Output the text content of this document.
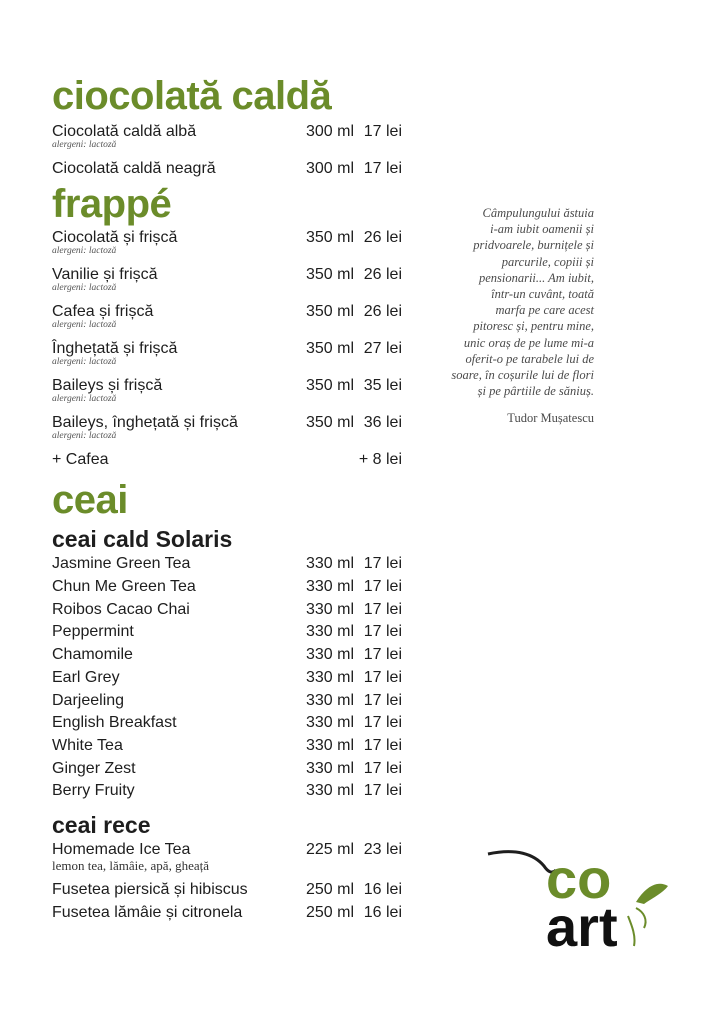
ciocolată caldă
Ciocolată caldă albă	300 ml 17 lei
alergeni: lactoză
Ciocolată caldă neagră	300 ml 17 lei
frappé
Ciocolată și frișcă	350 ml 26 lei
alergeni: lactoză
Vanilie și frișcă	350 ml 26 lei
alergeni: lactoză
Cafea și frișcă	350 ml 26 lei
alergeni: lactoză
Înghețată și frișcă	350 ml 27 lei
alergeni: lactoză
Baileys și frișcă	350 ml 35 lei
alergeni: lactoză
Baileys, înghețată și frișcă	350 ml 36 lei
alergeni: lactoză
+ Cafea	+ 8 lei
ceai
ceai cald Solaris
Jasmine Green Tea	330 ml 17 lei
Chun Me Green Tea	330 ml 17 lei
Roibos Cacao Chai	330 ml 17 lei
Peppermint	330 ml 17 lei
Chamomile	330 ml 17 lei
Earl Grey	330 ml 17 lei
Darjeeling	330 ml 17 lei
English Breakfast	330 ml 17 lei
White Tea	330 ml 17 lei
Ginger Zest	330 ml 17 lei
Berry Fruity	330 ml 17 lei
ceai rece
Homemade Ice Tea	225 ml 23 lei
lemon tea, lămâie, apă, gheață
Fusetea piersică și hibiscus	250 ml 16 lei
Fusetea lămâie și citronela	250 ml 16 lei
Câmpulungului ăstuia
i-am iubit oamenii și
pridvoarele, burnițele și
parcurile, copiii și
pensionarii... Am iubit,
într-un cuvânt, toată
marfa pe care acest
pitoresc și, pentru mine,
unic oraș de pe lume mi-a
oferit-o pe tarabele lui de
soare, în coșurile lui de flori
și pe pârtiile de săniuș.
Tudor Mușatescu
co
art
